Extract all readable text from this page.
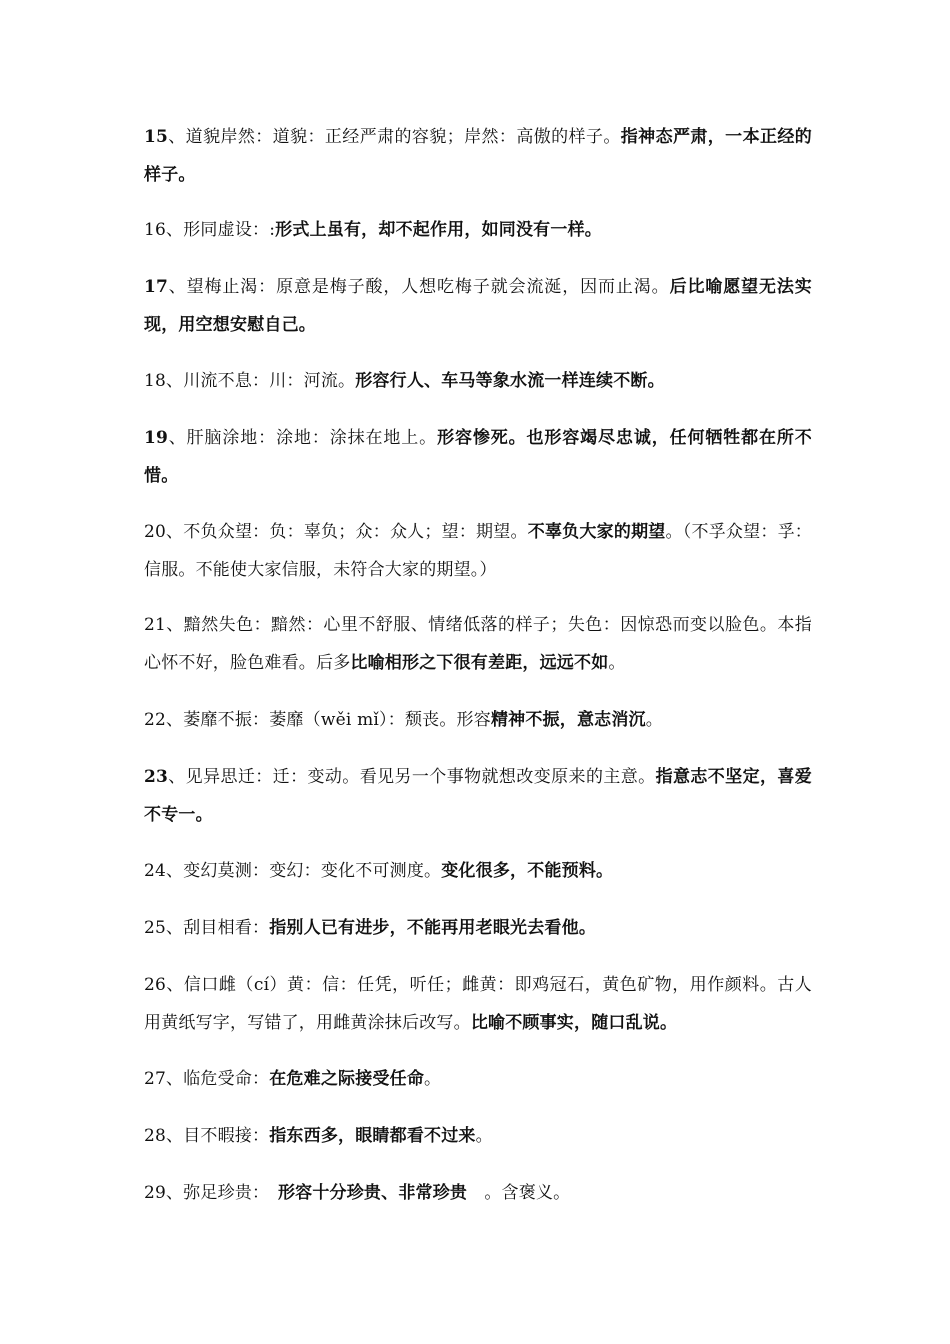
15、道貌岸然：道貌：正经严肃的容貌；岸然：高傲的样子。指神态严肃，一本正经的样子。
16、形同虚设：:形式上虽有，却不起作用，如同没有一样。
17、望梅止渴：原意是梅子酸，人想吃梅子就会流涎，因而止渴。后比喻愿望无法实现，用空想安慰自己。
18、川流不息：川：河流。形容行人、车马等象水流一样连续不断。
19、肝脑涂地：涂地：涂抹在地上。形容惨死。也形容竭尽忠诚，任何牺牲都在所不惜。
20、不负众望：负：辜负；众：众人；望：期望。不辜负大家的期望。（不孚众望：孚：信服。不能使大家信服，未符合大家的期望。）
21、黯然失色：黯然：心里不舒服、情绪低落的样子；失色：因惊恐而变以脸色。本指心怀不好，脸色难看。后多比喻相形之下很有差距，远远不如。
22、萎靡不振：萎靡（wěi mǐ）：颓丧。形容精神不振，意志消沉。
23、见异思迁：迁：变动。看见另一个事物就想改变原来的主意。指意志不坚定，喜爱不专一。
24、变幻莫测：变幻：变化不可测度。变化很多，不能预料。
25、刮目相看：指别人已有进步，不能再用老眼光去看他。
26、信口雌（cí）黄：信：任凭，听任；雌黄：即鸡冠石，黄色矿物，用作颜料。古人用黄纸写字，写错了，用雌黄涂抹后改写。比喻不顾事实，随口乱说。
27、临危受命：在危难之际接受任命。
28、目不暇接：指东西多，眼睛都看不过来。
29、弥足珍贵：　形容十分珍贵、非常珍贵　。含褒义。
